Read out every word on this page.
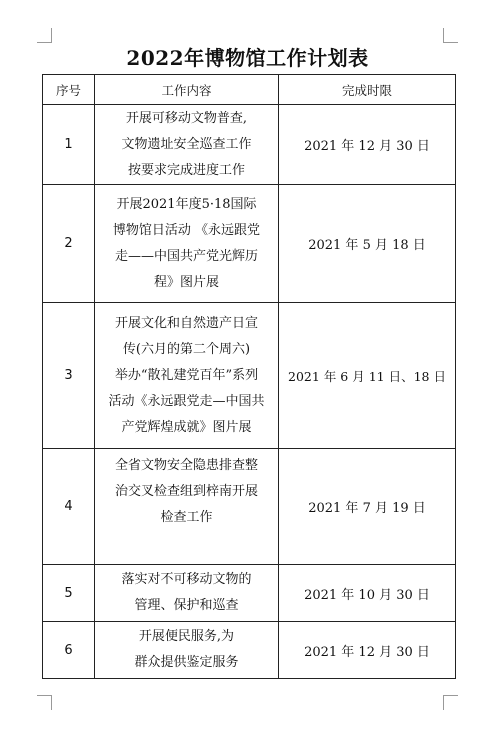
2022年博物馆工作计划表
序号	工作内容	完成时限
1	开展可移动文物普查,
文物遗址安全巡查工作
按要求完成进度工作	2021 年 12 月 30 日
2	开展2021年度5·18国际
博物馆日活动 《永远跟党
走——中国共产党光辉历
程》图片展	2021 年 5 月 18 日
3	开展文化和自然遗产日宣
传(六月的第二个周六)
举办“散礼建党百年”系列
活动《永远跟党走—中国共
产党辉煌成就》图片展	2021 年 6 月 11 日、18 日
4	全省文物安全隐患排查整
治交叉检查组到梓南开展
检查工作	2021 年 7 月 19 日
5	落实对不可移动文物的
管理、保护和巡查	2021 年 10 月 30 日
6	开展便民服务,为
群众提供鉴定服务	2021 年 12 月 30 日
